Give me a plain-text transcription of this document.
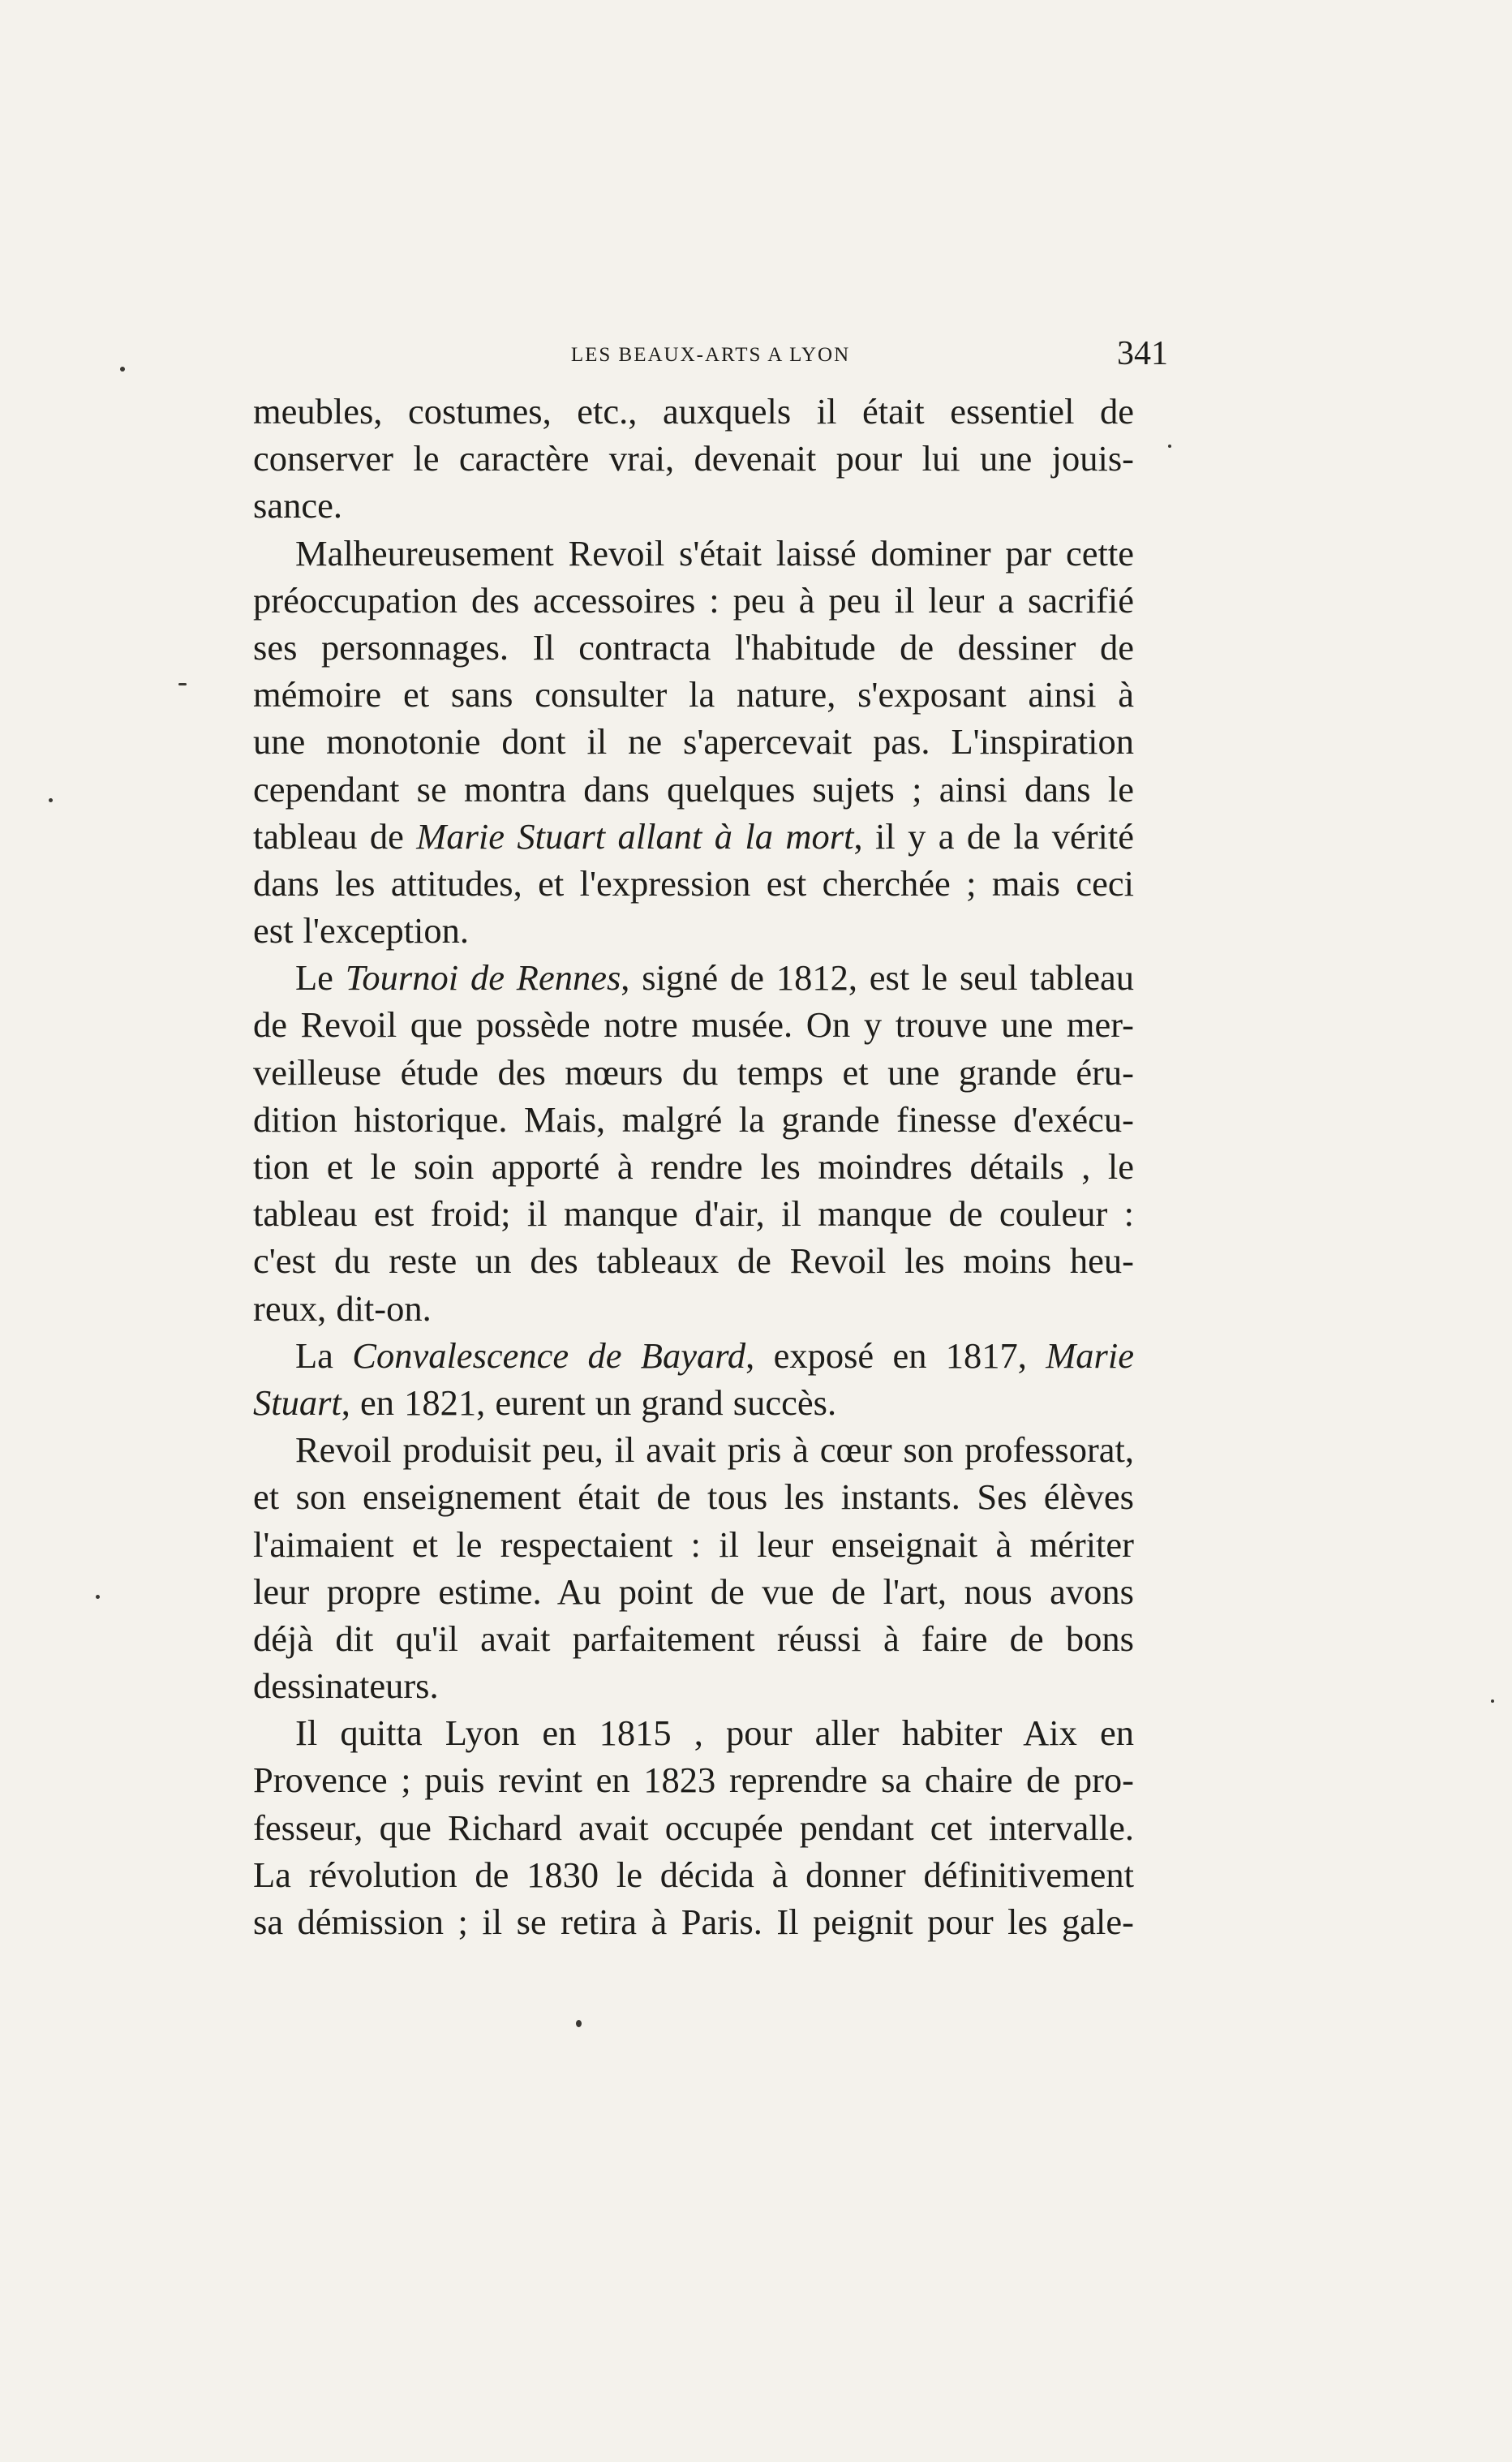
LES BEAUX-ARTS A LYON	341
meubles, costumes, etc., auxquels il était essentiel de
conserver le caractère vrai, devenait pour lui une jouis-
sance.
Malheureusement Revoil s'était laissé dominer par cette
préoccupation des accessoires : peu à peu il leur a sacrifié
ses personnages. Il contracta l'habitude de dessiner de
mémoire et sans consulter la nature, s'exposant ainsi à
une monotonie dont il ne s'apercevait pas. L'inspiration
cependant se montra dans quelques sujets ; ainsi dans le
tableau de Marie Stuart allant à la mort, il y a de la vérité
dans les attitudes, et l'expression est cherchée ; mais ceci
est l'exception.
Le Tournoi de Rennes, signé de 1812, est le seul tableau
de Revoil que possède notre musée. On y trouve une mer-
veilleuse étude des mœurs du temps et une grande éru-
dition historique. Mais, malgré la grande finesse d'exécu-
tion et le soin apporté à rendre les moindres détails , le
tableau est froid; il manque d'air, il manque de couleur :
c'est du reste un des tableaux de Revoil les moins heu-
reux, dit-on.
La Convalescence de Bayard, exposé en 1817, Marie
Stuart, en 1821, eurent un grand succès.
Revoil produisit peu, il avait pris à cœur son professorat,
et son enseignement était de tous les instants. Ses élèves
l'aimaient et le respectaient : il leur enseignait à mériter
leur propre estime. Au point de vue de l'art, nous avons
déjà dit qu'il avait parfaitement réussi à faire de bons
dessinateurs.
Il quitta Lyon en 1815 , pour aller habiter Aix en
Provence ; puis revint en 1823 reprendre sa chaire de pro-
fesseur, que Richard avait occupée pendant cet intervalle.
La révolution de 1830 le décida à donner définitivement
sa démission ; il se retira à Paris. Il peignit pour les gale-
